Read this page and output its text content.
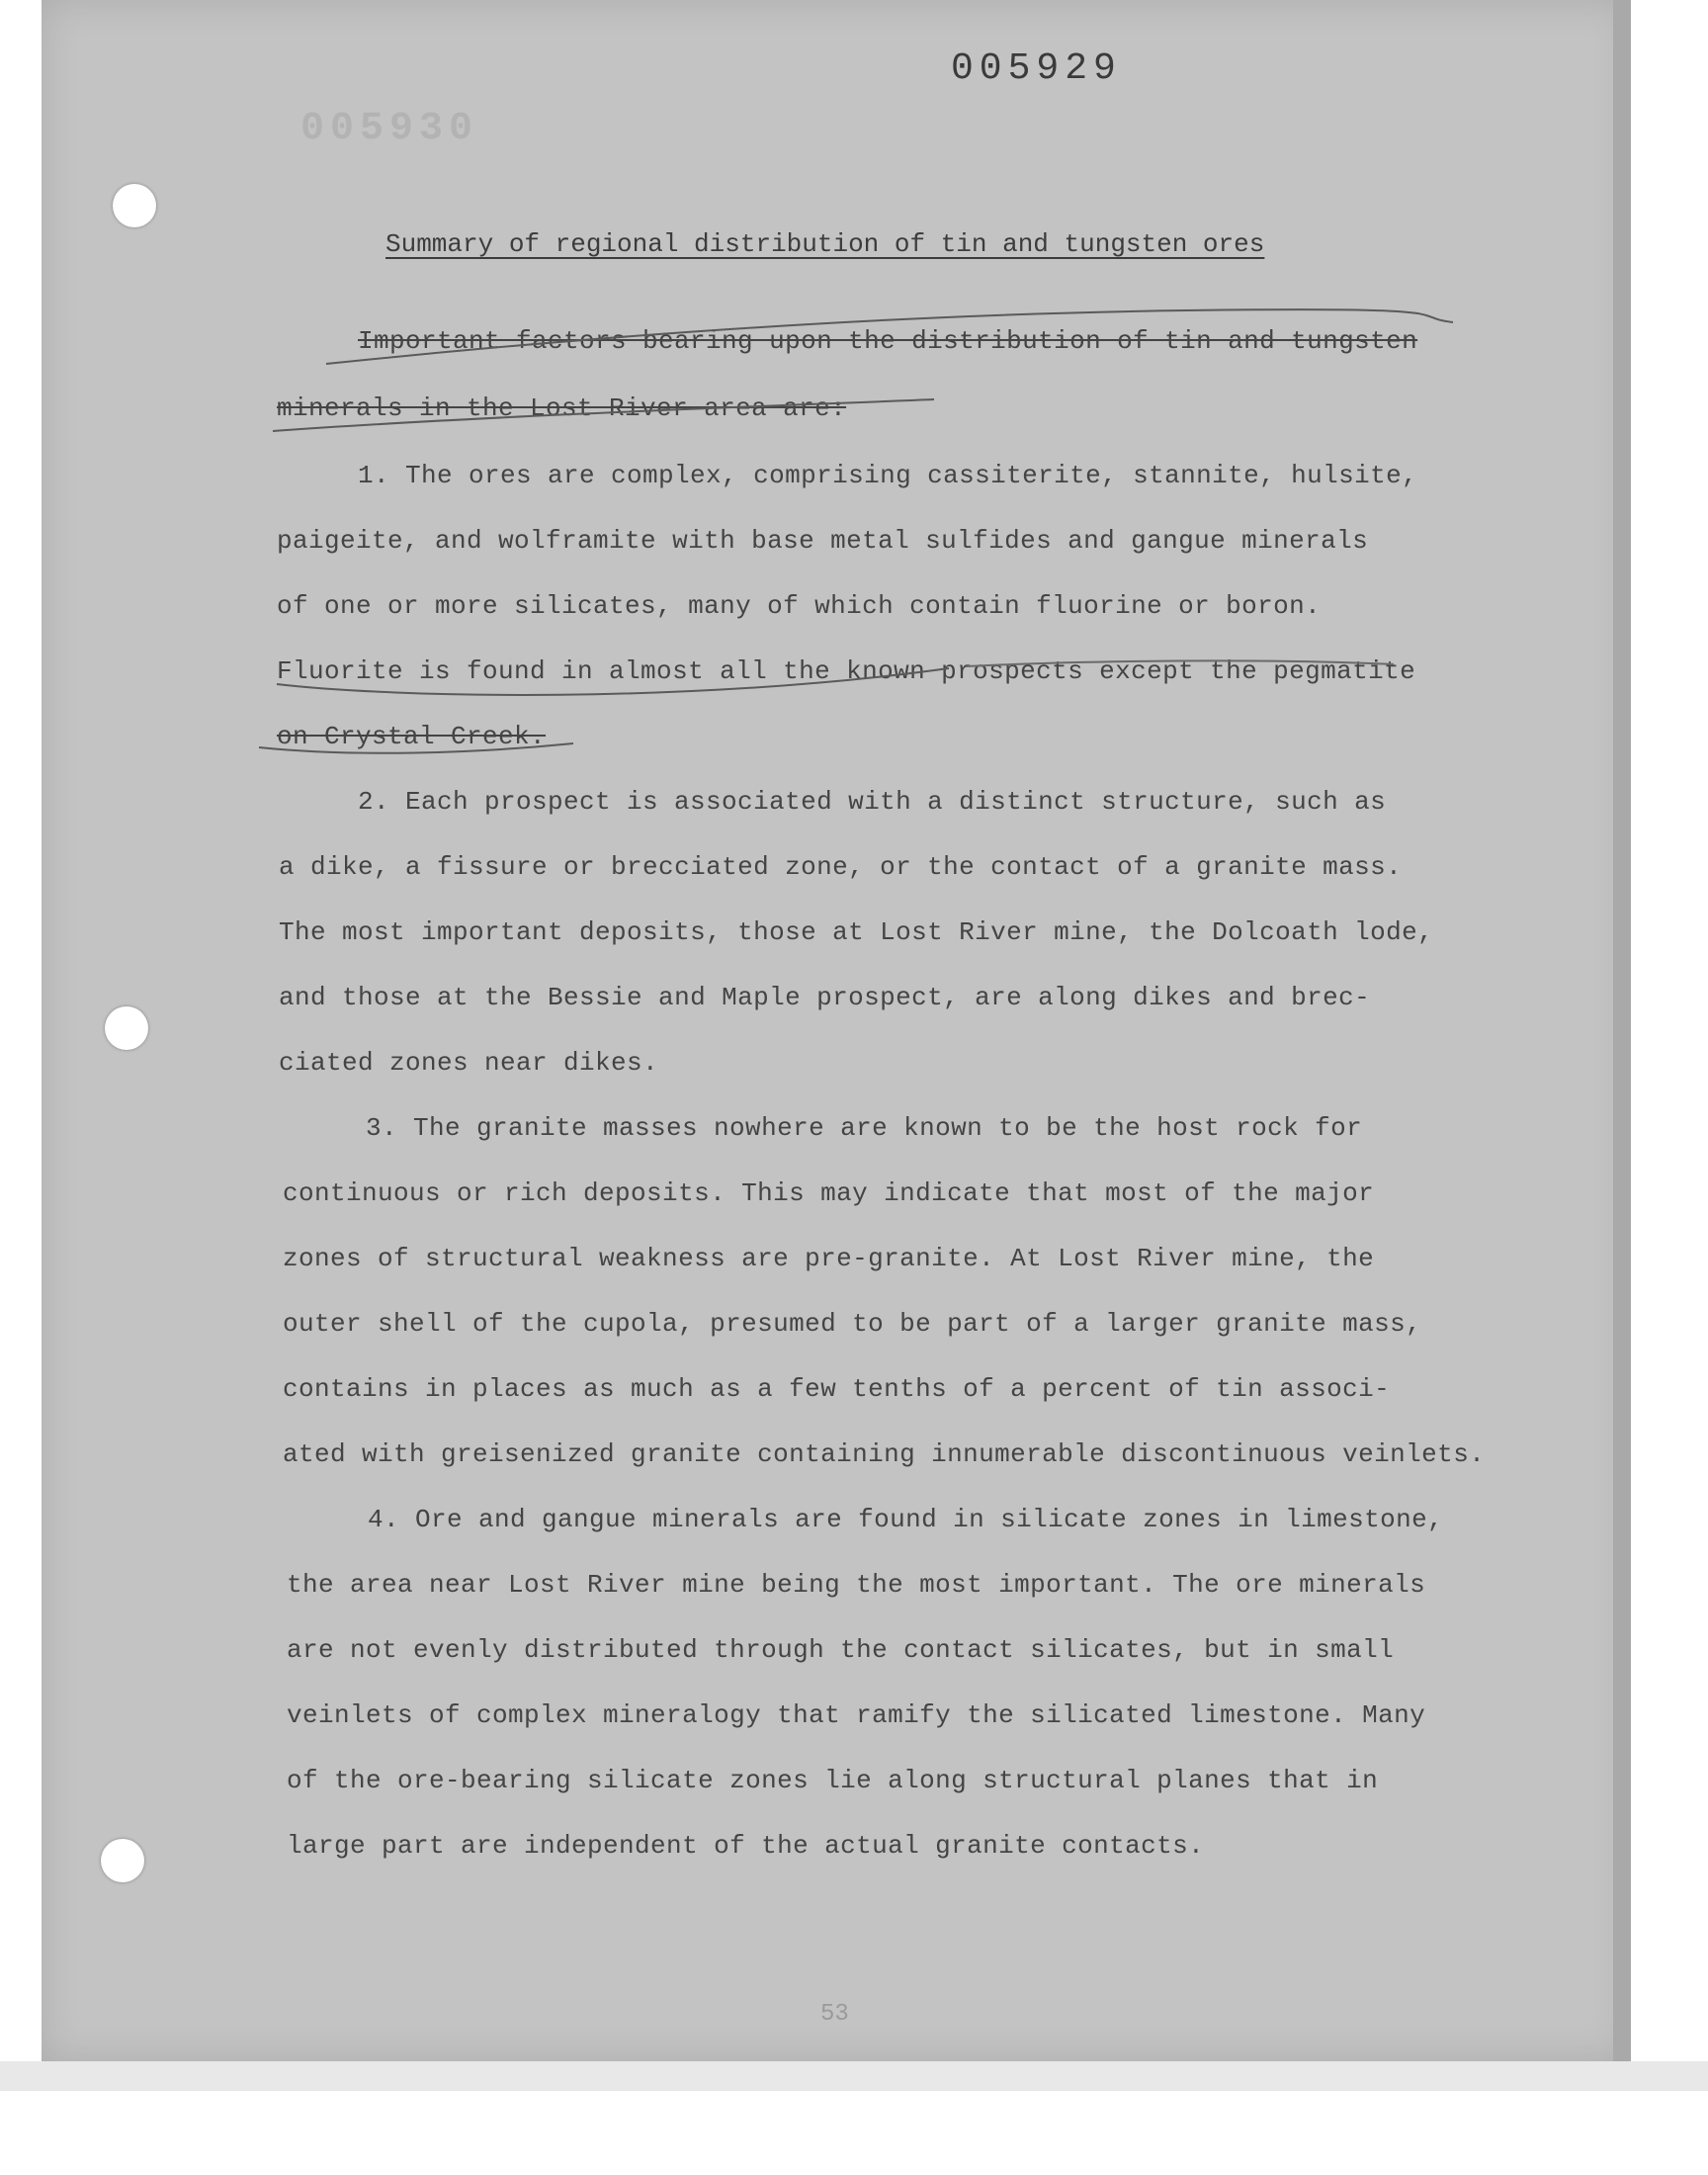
005930
005929
Summary of regional distribution of tin and tungsten ores
Important factors bearing upon the distribution of tin and tungsten
minerals in the Lost River area are:
1. The ores are complex, comprising cassiterite, stannite, hulsite,
paigeite, and wolframite with base metal sulfides and gangue minerals
of one or more silicates, many of which contain fluorine or boron.
Fluorite is found in almost all the known prospects except the pegmatite
on Crystal Creek.
2. Each prospect is associated with a distinct structure, such as
a dike, a fissure or brecciated zone, or the contact of a granite mass.
The most important deposits, those at Lost River mine, the Dolcoath lode,
and those at the Bessie and Maple prospect, are along dikes and brec-
ciated zones near dikes.
3. The granite masses nowhere are known to be the host rock for
continuous or rich deposits. This may indicate that most of the major
zones of structural weakness are pre-granite. At Lost River mine, the
outer shell of the cupola, presumed to be part of a larger granite mass,
contains in places as much as a few tenths of a percent of tin associ-
ated with greisenized granite containing innumerable discontinuous veinlets.
4. Ore and gangue minerals are found in silicate zones in limestone,
the area near Lost River mine being the most important. The ore minerals
are not evenly distributed through the contact silicates, but in small
veinlets of complex mineralogy that ramify the silicated limestone. Many
of the ore-bearing silicate zones lie along structural planes that in
large part are independent of the actual granite contacts.
53
